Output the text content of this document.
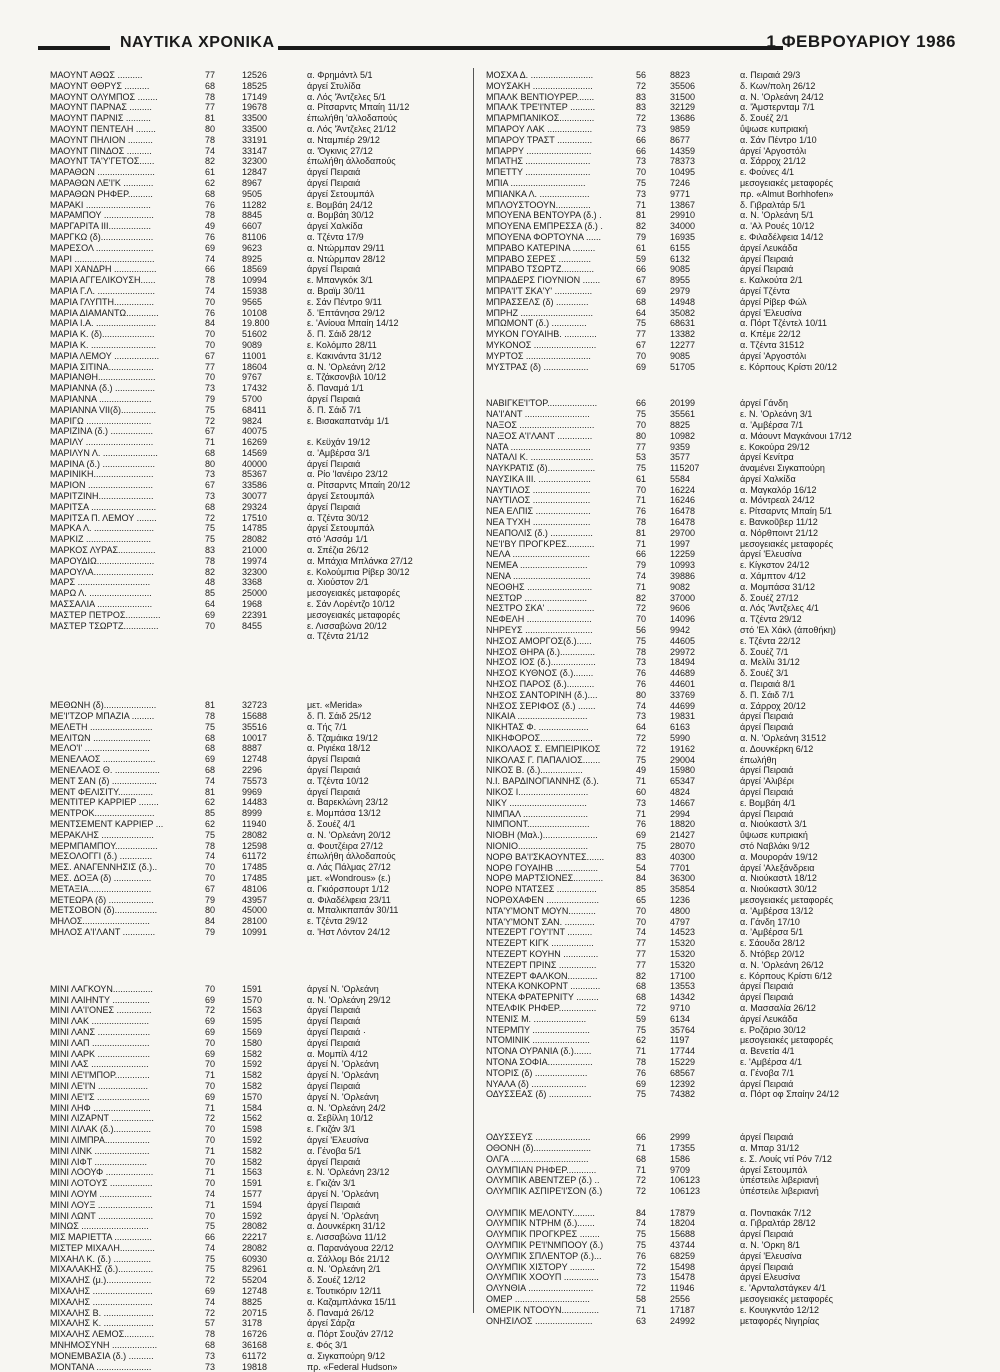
ΝΑΥΤΙΚΑ ΧΡΟΝΙΚΑ	1 ΦΕΒΡΟΥΑΡΙΟΥ 1986
ΜΑΟΥΝΤ ΑΘΩΣ ..........	77	12526	α. Φρημάντλ 5/1
ΜΑΟΥΝΤ ΘΘΡΥΣ ..........	68	18525	άργεί Στυλίδα
ΜΑΟΥΝΤ ΟΛΥΜΠΟΣ ........	78	17149	α. Λός 'Άντζελες 5/1
ΜΑΟΥΝΤ ΠΑΡΝΑΣ .........	77	19678	α. Ρίτσαρντς Μπαίη 11/12
ΜΑΟΥΝΤ ΠΑΡΝΙΣ ..........	81	33500	έπωλήθη 'αλλοδαπούς
ΜΑΟΥΝΤ ΠΕΝΤΕΛΗ ........	80	33500	α. Λός 'Άντζελες 21/12
ΜΑΟΥΝΤ ΠΗΛΙΟΝ ..........	78	33191	α. Νταμπιέρ 29/12
ΜΑΟΥΝΤ ΠΙΝΔΟΣ ..........	74	33147	α. 'Όγκινις 27/12
ΜΑΟΥΝΤ ΤΑ'Υ'ΓΕΤΟΣ......	82	32300	έπωλήθη άλλοδαπούς
ΜΑΡΑΘΩΝ .......................	61	12847	άργεί Πειραιά
ΜΑΡΑΘΩΝ ΛΕ'Ι'Κ ............	62	8967	άργεί Πειραιά
ΜΑΡΑΘΩΝ ΡΗΦΕΡ..........	68	9505	άργεί Σετουμπάλ
ΜΑΡΑΚΙ ..........................	76	11282	ε. Βομβάη 24/12
ΜΑΡΑΜΠΟΥ ....................	78	8845	α. Βομβάη 30/12
ΜΑΡΓΑΡΙΤΑ ΙΙΙ.................	49	6607	άργεί Χαλκίδα
ΜΑΡΓΚΩ (δ).....................	76	81106	α. Τζέντα 17/9
ΜΑΡΕΣΟΛ .......................	69	9623	α. Ντώρμπαν 29/11
ΜΑΡΙ ................................	74	8925	α. Ντώρμπαν 28/12
ΜΑΡΙ ΧΑΝΔΡΗ .................	66	18569	άργεί Πειραιά
ΜΑΡΙΑ ΑΓΓΕΛΙΚΟΥΣΗ......	78	10994	ε. Μπανγκόκ 3/1
ΜΑΡΙΑ Γ.Λ. .......................	74	15938	α. Βραϊμ 30/11
ΜΑΡΙΑ ΓΛΥΠΤΗ................	70	9565	ε. Σάν Πέντρο 9/11
ΜΑΡΙΑ ΔΙΑΜΑΝΤΩ.............	76	10108	δ. 'Επτάνησα 29/12
ΜΑΡΙΑ Ι.Α. ........................	84	19.800	ε. 'Ανίουα Μπαίη 14/12
ΜΑΡΙΑ Κ. (δ).....................	70	51602	δ. Π. Σάιδ 28/12
ΜΑΡΙΑ Κ. ..........................	70	9089	ε. Κολόμπο 28/11
ΜΑΡΙΑ ΛΕΜΟΥ ..................	67	11001	ε. Κακινάντα 31/12
ΜΑΡΙΑ ΣΙΤΙΝΑ..................	77	18604	α. Ν. 'Ορλεάνη 2/12
ΜΑΡΙΑΝΘΗ.......................	70	9767	ε. Τζάκσονβιλ 10/12
ΜΑΡΙΑΝΝΑ (δ.) ................	73	17432	δ. Παναμά 1/1
ΜΑΡΙΑΝΝΑ .....................	79	5700	άργεί Πειραιά
ΜΑΡΙΑΝΝΑ VII(δ)..............	75	68411	δ. Π. Σάιδ 7/1
ΜΑΡΙΓΩ ..........................	72	9824	ε. Βισακαπατνάμ 1/1
ΜΑΡΙΖΙΝΑ (δ.) .................	67	40075
ΜΑΡΙΛΥ ...........................	71	16269	ε. Κεϋχάν 19/12
ΜΑΡΙΛΥΝ Λ. ......................	68	14569	α. 'Αμβέρσα 3/1
ΜΑΡΙΝΑ (δ.) .....................	80	40000	άργεί Πειραιά
ΜΑΡΙΝΙΚΗ........................	73	85367	α. Ρίο 'Ιανέιρο 23/12
ΜΑΡΙΟΝ ..........................	67	33586	α. Ρίτσαρντς Μπαίη 20/12
ΜΑΡΙΤΖΙΝΗ......................	73	30077	άργεί Σετουμπάλ
ΜΑΡΙΤΣΑ ..........................	68	29324	άργεί Πειραιά
ΜΑΡΙΤΣΑ Π. ΛΕΜΟΥ ........	72	17510	α. Τζέντα 30/12
ΜΑΡΚΑ Λ. ........................	75	14785	άργεί Σετουμπάλ
ΜΑΡΚΙΖ ..........................	75	28082	στό 'Ασσάμ 1/1
ΜΑΡΚΟΣ ΛΥΡΑΣ...............	83	21000	α. Σπέζια 26/12
ΜΑΡΟΥΔΙΩ.......................	78	19974	α. Μπάχια Μπλάνκα 27/12
ΜΑΡΟΥΛΑ........................	82	32300	ε. Κολούμπια Ρίβερ 30/12
ΜΑΡΣ .............................	48	3368	α. Χιούστον 2/1
ΜΑΡΩ Λ. .........................	85	25000	μεσογειακές μεταφορές
ΜΑΣΣΑΛΙΑ ......................	64	1968	ε. Σάν Λορέντζο 10/12
ΜΑΣΤΕΡ ΠΕΤΡΟΣ..............	69	22391	μεσογειακές μεταφορές
ΜΑΣΤΕΡ ΤΣΩΡΤΖ..............	70	8455	ε. Λισσαβώνα 20/12
α. Τζέντα 21/12
ΜΕΘΩΝΗ (δ).....................	81	32723	μετ. «Merida»
ΜΕ'Ι'ΤΖΟΡ ΜΠΑΖΙΑ .........	78	15688	δ. Π. Σάιδ 25/12
ΜΕΛΕΤΗ .........................	75	35516	α. Τής 7/1
ΜΕΛΙΤΩΝ .......................	68	10017	δ. Τζαμάικα 19/12
ΜΕΛΟ'Ι' ..........................	68	8887	α. Ριγιέκα 18/12
ΜΕΝΕΛΑΟΣ .....................	69	12748	άργεί Πειραιά
ΜΕΝΕΛΑΟΣ Θ. ..................	68	2296	άργεί Πειραιά
ΜΕΝΤ ΣΑΝ (δ) ..................	74	75573	α. Τζέντα 10/12
ΜΕΝΤ ΦΕΛΙΣΙΤΥ..............	81	9969	άργεί Πειραιά
ΜΕΝΤΙΤΕΡ ΚΑΡΡΙΕΡ ........	62	14483	α. Βαρεκλώνη 23/12
ΜΕΝΤΡΟΚ........................	85	8999	ε. Μομπάσα 13/12
ΜΕΝΤΣΕΜΕΝΤ ΚΑΡΡΙΕΡ ...	62	11940	δ. Σουέζ 4/1
ΜΕΡΑΚΛΗΣ .....................	75	28082	α. Ν. 'Ορλεάνη 20/12
ΜΕΡΜΠΑΜΠΟΥ.................	78	12598	α. Φουτζέιρα 27/12
ΜΕΣΟΛΟΓΓΙ (δ.) .............	74	61172	έπωλήθη άλλοδαπούς
ΜΕΣ. ΑΝΑΓΕΝΝΗΣΙΣ (δ.)..	70	17485	α. Λάς Πάλμας 27/12
ΜΕΣ. ΔΟΞΑ (δ) ...............	70	17485	μετ. «Wondrous» (ε.)
ΜΕΤΑΞΙΑ.........................	67	48106	α. Γκιόρσπουρτ 1/12
ΜΕΤΕΩΡΑ (δ) ..................	79	43957	α. Φιλαδέλφεια 23/11
ΜΕΤΣΟΒΟΝ (δ).................	80	45000	α. Μπαλικπαπάν 30/11
ΜΗΛΟΣ...........................	84	28100	ε. Τζέντα 29/12
ΜΗΛΟΣ Α'Ι'ΛΑΝΤ .............	79	10991	α. 'Ηστ Λόντον 24/12
ΜΙΝΙ ΛΑΓΚΟΥΝ................	70	1591	άργεί Ν. 'Ορλεάνη
ΜΙΝΙ ΛΑΙΗΝΤΥ ...............	69	1570	α. Ν. 'Ορλεάνη 29/12
ΜΙΝΙ ΛΑ'Ι'ΟΝΕΣ ..............	72	1563	άργεί Πειραιά
ΜΙΝΙ ΛΑΚ .......................	69	1595	άργεί Πειραιά
ΜΙΝΙ ΛΑΝΣ .....................	69	1569	άργεί Πειραιά ·
ΜΙΝΙ ΛΑΠ .......................	70	1580	άργεί Πειραιά
ΜΙΝΙ ΛΑΡΚ .....................	69	1582	α. Μομπίλ 4/12
ΜΙΝΙ ΛΑΣ .......................	70	1592	άργεί Ν. 'Ορλεάνη
ΜΙΝΙ ΛΕ'Ι'ΜΠΟΡ..............	71	1582	άργεί Ν. 'Ορλεάνη
ΜΙΝΙ ΛΕ'Ι'Ν ....................	70	1582	άργεί Πειραιά
ΜΙΝΙ ΛΕ'Ι'Σ .....................	69	1570	άργεί Ν. 'Ορλεάνη
ΜΙΝΙ ΛΗΦ .......................	71	1584	α. Ν. 'Ορλεάνη 24/2
ΜΙΝΙ ΛΙΖΑΡΝΤ .................	72	1562	α. Σεβίλλη 10/12
ΜΙΝΙ ΛΙΛΑΚ (δ.)...............	70	1598	ε. Γκιζάν 3/1
ΜΙΝΙ ΛΙΜΠΡΑ..................	70	1592	άργεί 'Ελευσίνα
ΜΙΝΙ ΛΙΝΚ ......................	71	1582	α. Γένοβα 5/1
ΜΙΝΙ ΛΙΦΤ .....................	70	1582	άργεί Πειραιά
ΜΙΝΙ ΛΟΟΥΦ ...................	71	1563	ε. Ν. 'Ορλεάνη 23/12
ΜΙΝΙ ΛΟΤΟΥΣ .................	70	1591	ε. Γκιζάν 3/1
ΜΙΝΙ ΛΟΥΜ .....................	74	1577	άργεί Ν. 'Ορλεάνη
ΜΙΝΙ ΛΟΥΞ ......................	71	1594	άργεί Πειραιά
ΜΙΝΙ ΛΩΝΤ ......................	70	1592	άργεί Ν. 'Ορλεάνη
ΜΙΝΩΣ ...........................	75	28082	α. Δουνκέρκη 31/12
ΜΙΣ ΜΑΡΙΕΤΤΑ ...............	66	22217	ε. Λισσαβώνα 11/12
ΜΙΣΤΕΡ ΜΙΧΑΛΗ..............	74	28082	α. Παρανάγουα 22/12
ΜΙΧΑΗΛ Κ. (δ.) ...............	75	60930	α. Σάλλομ Βόε 21/12
ΜΙΧΑΛΑΚΗΣ (δ.)..............	75	82961	α. Ν. 'Ορλεάνη 2/1
ΜΙΧΑΛΗΣ (μ.)..................	72	55204	δ. Σουέζ 12/12
ΜΙΧΑΛΗΣ ........................	69	12748	ε. Τουτικόριν 12/11
ΜΙΧΑΛΗΣ ........................	74	8825	α. Καζαμπλάνκα 15/11
ΜΙΧΑΛΗΣ Β. ....................	72	20715	δ. Παναμά 26/12
ΜΙΧΑΛΗΣ Κ. ....................	57	3178	άργεί Σάρζα
ΜΙΧΑΛΗΣ ΛΕΜΟΣ............	78	16726	α. Πόρτ Σουζάν 27/12
ΜΝΗΜΟΣΥΝΗ ..................	68	36168	ε. Φός 3/1
ΜΟΝΕΜΒΑΣΙΑ (δ.) ..........	73	61172	α. Σιγκαπούρη 9/12
ΜΟΝΤΑΝΑ ......................	73	19818	πρ. «Federal Hudson»
ΜΟΣΧΑ Δ. .........................	56	8823	α. Πειραιά 29/3
ΜΟΥΣΑΚΗ ........................	72	35506	δ. Κων/πολη 26/12
ΜΠΑΛΚ ΒΕΝΤΙΟΥΡΕΡ.......	83	31500	α. Ν. 'Ορλεάνη 24/12
ΜΠΑΛΚ ΤΡΕ'Ι'ΝΤΕΡ ..........	83	32129	α. 'Άμστερνταμ 7/1
ΜΠΑΡΜΠΑΝΙΚΟΣ..............	72	13686	δ. Σουέζ 2/1
ΜΠΑΡΟΥ ΛΑΚ ..................	73	9859	ΰψωσε κυπριακή
ΜΠΑΡΟΥ ΤΡΑΣΤ ..............	66	8677	α. Σάν Πέντρο 1/10
ΜΠΑΡΡΥ ..........................	66	14359	άργεί 'Αργοστόλι
ΜΠΑΤΗΣ ..........................	73	78373	α. Σάρροχ 21/12
ΜΠΕΤΤΥ ..........................	70	10495	ε. Φούνες 4/1
ΜΠΙΑ ..............................	75	7246	μεσογειακές μεταφορές
ΜΠΙΑΝΚΑ Λ. ....................	73	9771	πρ. «Almut Borhhofen»
ΜΠΛΟΥΣΤΟΟΥΝ..............	71	13867	δ. Γιβραλτάρ 5/1
ΜΠΟΥΕΝΑ ΒΕΝΤΟΥΡΑ (δ.) .	81	29910	α. Ν. 'Ορλεάνη 5/1
ΜΠΟΥΕΝΑ ΕΜΠΡΕΣΣΑ (δ.) .	82	34000	α. 'Αλ Ρουές 10/12
ΜΠΟΥΕΝΑ ΦΟΡΤΟΥΝΑ ......	79	16935	ε. Φιλαδέλφεια 14/12
ΜΠΡΑΒΟ ΚΑΤΕΡΙΝΑ .........	61	6155	άργεί Λευκάδα
ΜΠΡΑΒΟ ΣΕΡΕΣ .............	59	6132	άργεί Πειραιά
ΜΠΡΑΒΟ ΤΣΩΡΤΖ.............	66	9085	άργεί Πειραιά
ΜΠΡΑΔΕΡΣ ΓΙΟΥΝΙΟΝ .......	67	8955	ε. Καλκούτα 2/1
ΜΠΡΑ'Ι'Τ ΣΚΑ'Υ' ...............	69	2979	άργεί Τζέντα
ΜΠΡΑΣΣΕΛΣ (δ) .............	68	14948	άργεί Ρίβερ Φώλ
ΜΠΡΗΖ .............................	64	35082	άργεί 'Ελευσίνα
ΜΠΩΜΟΝΤ (δ.) ..............	75	68631	α. Πόρτ Τζέντελ 10/11
ΜΥΚΟΝ ΓΟΥΑΙΗΒ. .............	77	13382	α. Κπέμε 22/12
ΜΥΚΟΝΟΣ .........................	67	12277	α. Τζέντα 31512
ΜΥΡΤΟΣ ..........................	70	9085	άργεί 'Αργοστόλι
ΜΥΣΤΡΑΣ (δ) ..................	69	51705	ε. Κόρπους Κρίστι 20/12
ΝΑΒΙΓΚΕ'Ι'ΤΟΡ....................	66	20199	άργεί Γάνδη
ΝΑ'Ι'ΑΝΤ ..........................	75	35561	ε. Ν. 'Ορλεάνη 3/1
ΝΑΞΟΣ ..............................	70	8825	α. 'Αμβέρσα 7/1
ΝΑΞΟΣ Α'Ι'ΛΑΝΤ ..............	80	10982	α. Μάουντ Μαγκάνουι 17/12
ΝΑΤΑ ................................	77	9359	ε. Κοκούρα 29/12
ΝΑΤΑΛΙ Κ. .........................	53	3577	άργεί Κενίτρα
ΝΑΥΚΡΑΤΙΣ (δ)...................	75	115207	άναμένει Σιγκαπούρη
ΝΑΥΣΙΚΑ ΙΙΙ. .....................	61	5584	άργεί Χαλκίδα
ΝΑΥΤΙΛΟΣ .......................	70	16224	α. Μαγκαλόρ 16/12
ΝΑΥΤΙΛΟΣ .......................	71	16246	α. Μόντρεαλ 24/12
ΝΕΑ ΕΛΠΙΣ ......................	76	16478	ε. Ρίτσαρντς Μπαίη 5/1
ΝΕΑ ΤΥΧΗ .......................	78	16478	ε. Βανκοῦβερ 11/12
ΝΕΑΠΟΛΙΣ (δ.) .................	81	29700	α. Νόρθποιντ 21/12
ΝΕ'Ι'ΒΥ ΠΡΟΓΚΡΕΣ...........	71	1997	μεσογειακές μεταφορές
ΝΕΛΑ ...............................	66	12259	άργεί 'Ελευσίνα
ΝΕΜΕΑ ...........................	79	10993	ε. Κίγκστον 24/12
ΝΕΝΑ ...............................	74	39886	α. Χάμπτον 4/12
ΝΕΟΘΗΣ ..........................	71	9082	α. Μομπάσα 31/12
ΝΕΣΤΩΡ .........................	82	37000	δ. Σουέζ 27/12
ΝΕΣΤΡΟ ΣΚΑ' ...................	72	9606	α. Λός 'Άντζελες 4/1
ΝΕΦΕΛΗ ..........................	70	14096	α. Τζέντα 29/12
ΝΗΡΕΥΣ ...........................	56	9942	στό 'Ελ Χάκλ (άποθήκη)
ΝΗΣΟΣ ΑΜΟΡΓΟΣ(δ.)......	75	44605	ε. Τζέντα 22/12
ΝΗΣΟΣ ΘΗΡΑ (δ.)..............	78	29972	δ. Σουέζ 7/1
ΝΗΣΟΣ ΙΟΣ (δ.)..................	73	18494	α. Μελίλι 31/12
ΝΗΣΟΣ ΚΥΘΝΟΣ (δ.)........	76	44689	δ. Σουέζ 3/1
ΝΗΣΟΣ ΠΑΡΟΣ (δ.)...........	76	44601	α. Πειραιά 8/1
ΝΗΣΟΣ ΣΑΝΤΟΡΙΝΗ (δ.)....	80	33769	δ. Π. Σάιδ 7/1
ΝΗΣΟΣ ΣΕΡΙΦΟΣ (δ.) .......	74	44699	α. Σάρροχ 20/12
ΝΙΚΑΙΑ ............................	73	19831	άργεί Πειραιά
ΝΙΚΗΤΑΣ Φ. ....................	64	6163	άργεί Πειραιά
ΝΙΚΗΦΟΡΟΣ.....................	72	5990	α. Ν. 'Ορλεάνη 31512
ΝΙΚΟΛΑΟΣ Σ. ΕΜΠΕΙΡΙΚΟΣ	72	19162	α. Δουνκέρκη 6/12
ΝΙΚΟΛΑΣ Γ. ΠΑΠΑΛΙΟΣ.......	75	29004	έπωλήθη
ΝΙΚΟΣ Β. (δ.).................	49	15980	άργεί Πειραιά
Ν.Ι. ΒΑΡΔΙΝΟΓΙΑΝΝΗΣ (δ.).	71	65347	άργεί 'Αλιβέρι
ΝΙΚΟΣ Ι............................	60	4824	άργεί Πειραιά
ΝΙΚΥ ...............................	73	14667	ε. Βομβάη 4/1
ΝΙΜΠΑΛ ..........................	71	2994	άργεί Πειραιά
ΝΙΜΠΟΝΤ.........................	76	18820	α. Νιούκαστλ 3/1
ΝΙΟΒΗ (Μαλ.)......................	69	21427	ΰψωσε κυπριακή
ΝΙΟΝΙΟ............................	75	28070	στό Ναβλάκι 9/12
ΝΟΡΘ ΒΑ'Ι'ΣΚΑΟΥΝΤΕΣ.......	83	40300	α. Μουροράν 19/12
ΝΟΡΘ ΓΟΥΑΙΗΒ .................	54	7701	άργεί 'Αλεξάνδρεια
ΝΟΡΘ ΜΑΡΤΣΙΟΝΕΣ............	84	36300	α. Νιούκαστλ 18/12
ΝΟΡΘ ΝΤΑΤΣΕΣ ................	85	35854	α. Νιούκαστλ 30/12
ΝΟΡΘΧΑΦΕΝ .....................	65	1236	μεσογειακές μεταφορές
ΝΤΑ'Υ'ΜΟΝΤ ΜΟΥΝ...........	70	4800	α. 'Αμβέρσα 13/12
ΝΤΑ'Υ'ΜΟΝΤ ΣΑΝ. ............	70	4797	α. Γάνδη 17/10
ΝΤΕΖΕΡΤ ΓΟΥ'Ι'ΝΤ ..........	74	14523	α. 'Αμβέρσα 5/1
ΝΤΕΖΕΡΤ ΚΙΓΚ .................	77	15320	ε. Σάουδα 28/12
ΝΤΕΖΕΡΤ ΚΟΥΗΝ ..............	77	15320	δ. Ντόβερ 20/12
ΝΤΕΖΕΡΤ ΠΡΙΝΣ ...............	77	15320	α. Ν. 'Ορλεάνη 26/12
ΝΤΕΖΕΡΤ ΦΑΛΚΟΝ............	82	17100	ε. Κόρπους Κρίστι 6/12
ΝΤΕΚΑ ΚΟΝΚΟΡΝΤ ............	68	13553	άργεί Πειραιά
ΝΤΕΚΑ ΦΡΑΤΕΡΝΙΤΥ .........	68	14342	άργεί Πειραιά
ΝΤΕΛΦΙΚ ΡΗΦΕΡ...............	72	9710	α. Μασσαλία 26/12
ΝΤΕΝΙΣ Μ. .....................	59	6134	άργεί Λευκάδα
ΝΤΕΡΜΠΥ .......................	75	35764	ε. Ροζάριο 30/12
ΝΤΟΜΙΝΙΚ .......................	62	1197	μεσογειακές μεταφορές
ΝΤΟΝΑ ΟΥΡΑΝΙΑ (δ.).......	71	17744	α. Βενετία 4/1
ΝΤΟΝΑ ΣΟΦΙΑ..................	78	15229	ε. 'Αμβέρσα 4/1
ΝΤΟΡΙΣ (δ) .....................	76	68567	α. Γένοβα 7/1
ΝΥΑΛΑ (δ) ......................	69	12392	άργεί Πειραιά
ΟΔΥΣΣΕΑΣ (δ) .................	75	74382	α. Πόρτ οφ Σπαίην 24/12
ΟΔΥΣΣΕΥΣ ......................	66	2999	άργεί Πειραιά
ΟΘΟΝΗ (δ).......................	71	17355	α. Μπαρ 31/12
ΟΛΓΑ ...............................	68	1586	ε. Σ. Λουίς ντί Ρόν 7/12
ΟΛΥΜΠΙΑΝ ΡΗΦΕΡ............	71	9709	άργεί Σετουμπάλ
ΟΛΥΜΠΙΚ ΑΒΕΝΤΖΕΡ (δ.) ..	72	106123	ὑπέστειλε λιβεριανή
ΟΛΥΜΠΙΚ ΑΣΠΙΡΕ'Ι'ΣΟΝ (δ.)	72	106123	ὑπέστειλε λιβεριανή
ΟΛΥΜΠΙΚ ΜΕΛΟΝΤΥ.........	84	17879	α. Ποντιακάκ 7/12
ΟΛΥΜΠΙΚ ΝΤΡΗΜ (δ.).......	74	18204	α. Γιβραλτάρ 28/12
ΟΛΥΜΠΙΚ ΠΡΟΓΚΡΕΣ ........	75	15688	άργεί Πειραιά
ΟΛΥΜΠΙΚ ΡΕ'Ι'ΝΜΠΟΟΥ (δ.)	75	43744	α. Ν. 'Ορκη 8/1
ΟΛΥΜΠΙΚ ΣΠΛΕΝΤΟΡ (δ.)...	76	68259	άργεί 'Ελευσίνα
ΟΛΥΜΠΙΚ ΧΙΣΤΟΡΥ ..........	72	15498	άργεί Πειραιά
ΟΛΥΜΠΙΚ ΧΟΟΥΠ ..............	73	15478	άργεί Ελευσίνα
ΟΛΥΝΘΙΑ ..........................	72	11946	ε. 'Αρνταλστάγκεν 4/1
ΟΜΕΡ ..............................	58	2556	μεσογειακές μεταφορές
ΟΜΕΡΙΚ ΝΤΟΟΥΝ...............	71	17187	ε. Κουιγκντάο 12/12
ΟΝΗΣΙΛΟΣ .......................	63	24992	μεταφορές Νιγηρίας
